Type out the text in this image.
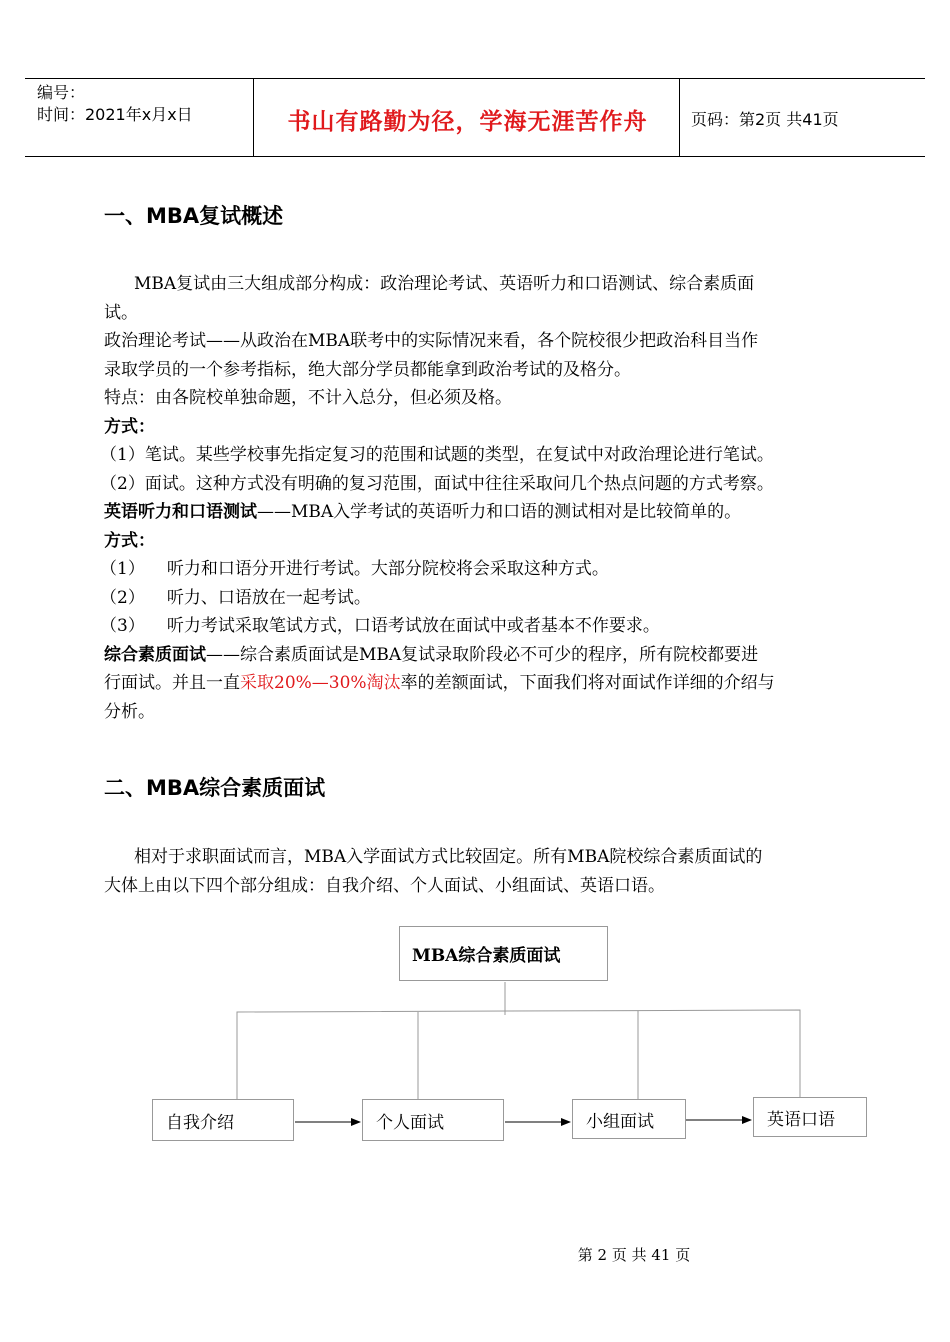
编号：
时间：2021年x月x日	书山有路勤为径，学海无涯苦作舟	页码：第2页 共41页
一、MBA复试概述
MBA复试由三大组成部分构成：政治理论考试、英语听力和口语测试、综合素质面
试。
政治理论考试——从政治在MBA联考中的实际情况来看，各个院校很少把政治科目当作
录取学员的一个参考指标，绝大部分学员都能拿到政治考试的及格分。
特点：由各院校单独命题，不计入总分，但必须及格。
方式：
（1）笔试。某些学校事先指定复习的范围和试题的类型，在复试中对政治理论进行笔试。
（2）面试。这种方式没有明确的复习范围，面试中往往采取问几个热点问题的方式考察。
英语听力和口语测试——MBA入学考试的英语听力和口语的测试相对是比较简单的。
方式：
（1） 听力和口语分开进行考试。大部分院校将会采取这种方式。
（2） 听力、口语放在一起考试。
（3） 听力考试采取笔试方式，口语考试放在面试中或者基本不作要求。
综合素质面试——综合素质面试是MBA复试录取阶段必不可少的程序，所有院校都要进
行面试。并且一直采取20%—30%淘汰率的差额面试，下面我们将对面试作详细的介绍与
分析。
二、MBA综合素质面试
相对于求职面试而言，MBA入学面试方式比较固定。所有MBA院校综合素质面试的
大体上由以下四个部分组成：自我介绍、个人面试、小组面试、英语口语。
MBA综合素质面试
自我介绍	个人面试	小组面试	英语口语
第 2 页 共 41 页
